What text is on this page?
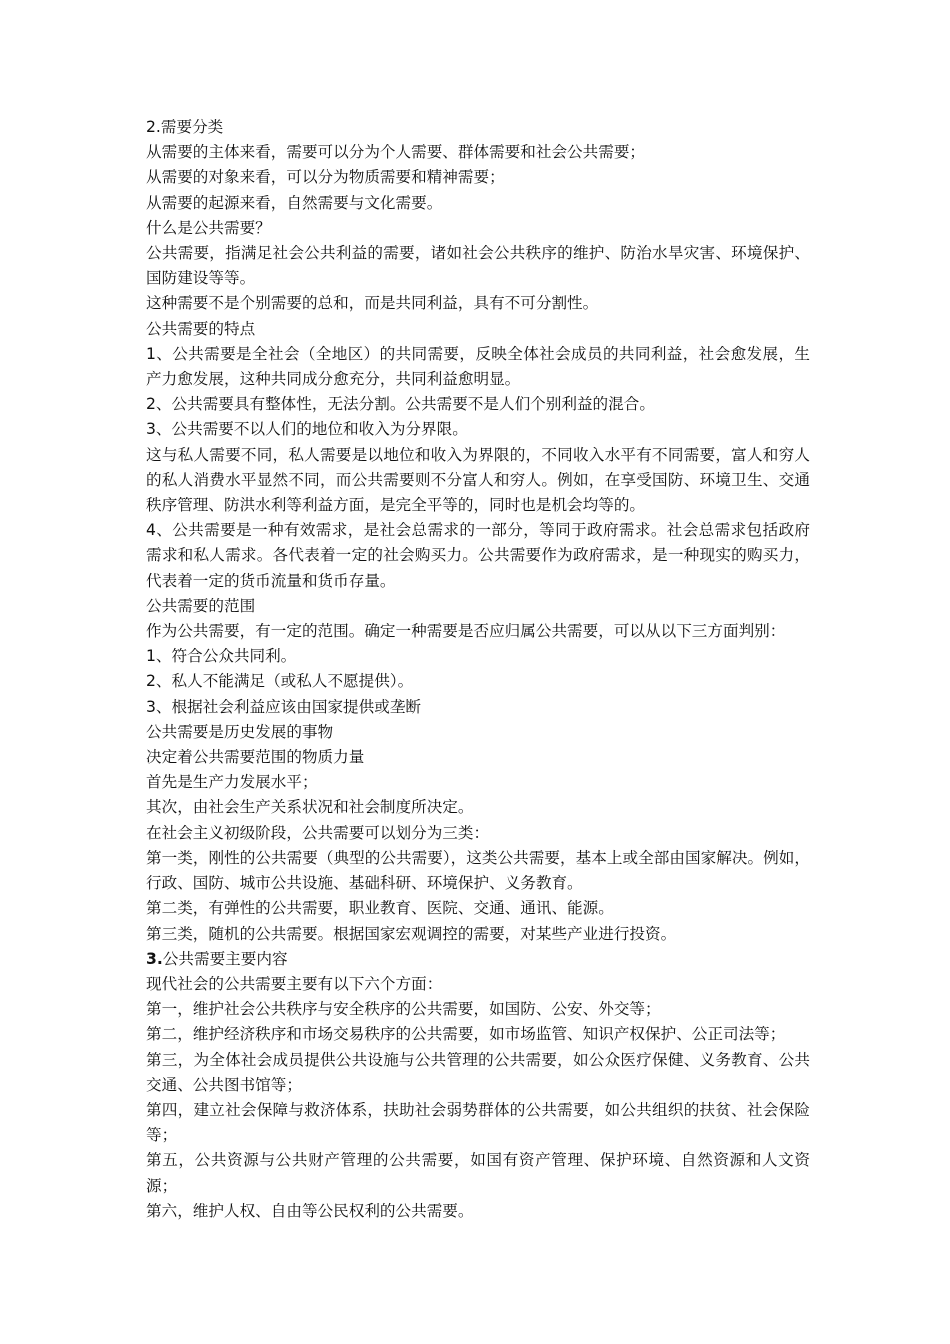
2.需要分类

从需要的主体来看，需要可以分为个人需要、群体需要和社会公共需要；

从需要的对象来看，可以分为物质需要和精神需要；

从需要的起源来看，自然需要与文化需要。

什么是公共需要？

公共需要，指满足社会公共利益的需要，诸如社会公共秩序的维护、防治水旱灾害、环境保护、国防建设等等。

这种需要不是个别需要的总和，而是共同利益，具有不可分割性。

公共需要的特点

1、公共需要是全社会（全地区）的共同需要，反映全体社会成员的共同利益，社会愈发展，生产力愈发展，这种共同成分愈充分，共同利益愈明显。

2、公共需要具有整体性，无法分割。公共需要不是人们个别利益的混合。

3、公共需要不以人们的地位和收入为分界限。

这与私人需要不同，私人需要是以地位和收入为界限的，不同收入水平有不同需要，富人和穷人的私人消费水平显然不同，而公共需要则不分富人和穷人。例如，在享受国防、环境卫生、交通秩序管理、防洪水利等利益方面，是完全平等的，同时也是机会均等的。

4、公共需要是一种有效需求，是社会总需求的一部分，等同于政府需求。社会总需求包括政府需求和私人需求。各代表着一定的社会购买力。公共需要作为政府需求，是一种现实的购买力，代表着一定的货币流量和货币存量。

公共需要的范围

作为公共需要，有一定的范围。确定一种需要是否应归属公共需要，可以从以下三方面判别：

1、符合公众共同利。

2、私人不能满足（或私人不愿提供）。

3、根据社会利益应该由国家提供或垄断

公共需要是历史发展的事物

决定着公共需要范围的物质力量

首先是生产力发展水平；

其次，由社会生产关系状况和社会制度所决定。

在社会主义初级阶段，公共需要可以划分为三类：

第一类，刚性的公共需要（典型的公共需要），这类公共需要，基本上或全部由国家解决。例如，行政、国防、城市公共设施、基础科研、环境保护、义务教育。

第二类，有弹性的公共需要，职业教育、医院、交通、通讯、能源。

第三类，随机的公共需要。根据国家宏观调控的需要，对某些产业进行投资。

3.公共需要主要内容

现代社会的公共需要主要有以下六个方面：

第一，维护社会公共秩序与安全秩序的公共需要，如国防、公安、外交等；

第二，维护经济秩序和市场交易秩序的公共需要，如市场监管、知识产权保护、公正司法等；

第三，为全体社会成员提供公共设施与公共管理的公共需要，如公众医疗保健、义务教育、公共交通、公共图书馆等；

第四，建立社会保障与救济体系，扶助社会弱势群体的公共需要，如公共组织的扶贫、社会保险等；

第五，公共资源与公共财产管理的公共需要，如国有资产管理、保护环境、自然资源和人文资源；

第六，维护人权、自由等公民权利的公共需要。
